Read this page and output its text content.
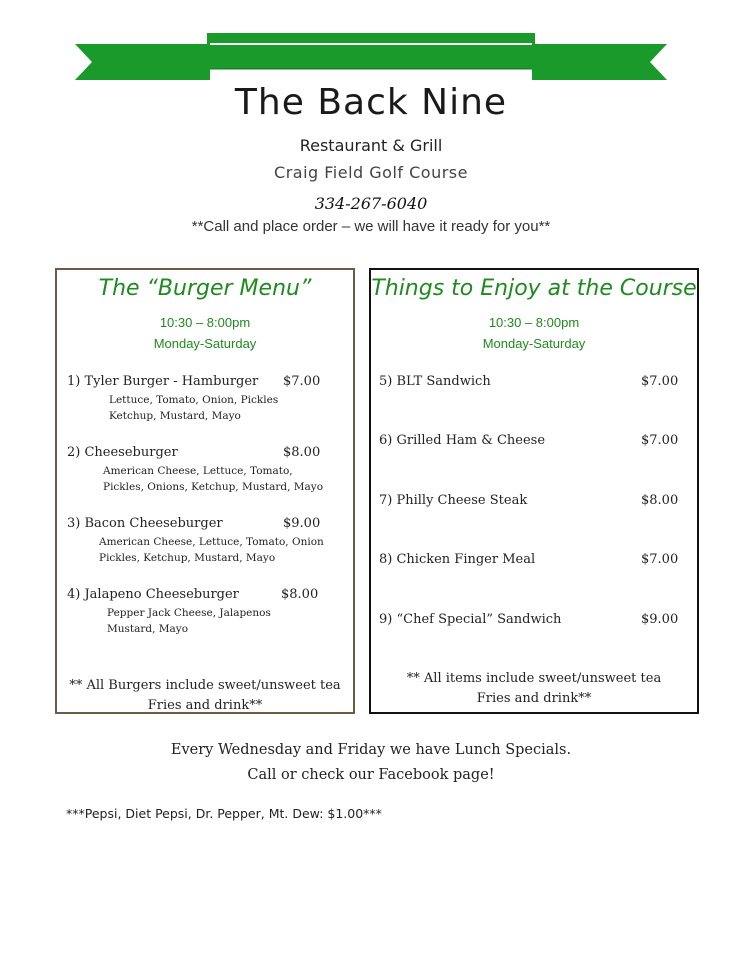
The Back Nine
Restaurant & Grill
Craig Field Golf Course
334-267-6040
**Call and place order – we will have it ready for you**
The “Burger Menu”
10:30 – 8:00pm
Monday-Saturday
1) Tyler Burger - Hamburger $7.00
Lettuce, Tomato, Onion, Pickles
Ketchup, Mustard, Mayo
2) Cheeseburger	$8.00
American Cheese, Lettuce, Tomato,
Pickles, Onions, Ketchup, Mustard, Mayo
3) Bacon Cheeseburger	$9.00
American Cheese, Lettuce, Tomato, Onion
Pickles, Ketchup, Mustard, Mayo
4) Jalapeno Cheeseburger	$8.00
Pepper Jack Cheese, Jalapenos
Mustard, Mayo
** All Burgers include sweet/unsweet tea
Fries and drink**
Things to Enjoy at the Course
10:30 – 8:00pm
Monday-Saturday
5) BLT Sandwich	$7.00
6) Grilled Ham & Cheese	$7.00
7) Philly Cheese Steak	$8.00
8) Chicken Finger Meal	$7.00
9) “Chef Special” Sandwich	$9.00
** All items include sweet/unsweet tea
Fries and drink**
Every Wednesday and Friday we have Lunch Specials.
Call or check our Facebook page!
***Pepsi, Diet Pepsi, Dr. Pepper, Mt. Dew: $1.00***
